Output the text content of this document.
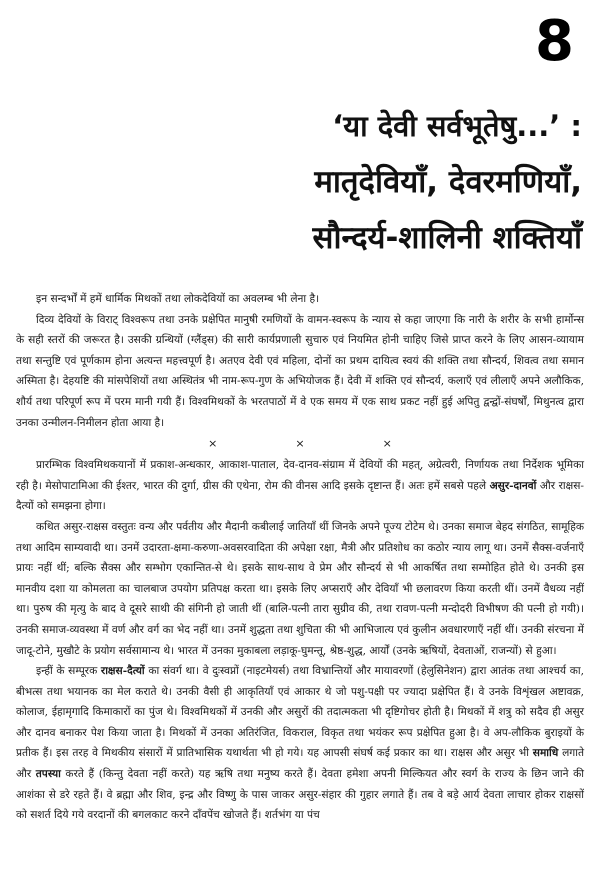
8
‘या देवी सर्वभूतेषु...’ :
मातृदेवियाँ, देवरमणियाँ,
सौन्दर्य-शालिनी शक्तियाँ

इन सन्दर्भों में हमें धार्मिक मिथकों तथा लोकदेवियों का अवलम्ब भी लेना है।

दिव्य देवियों के विराट् विश्वरूप तथा उनके प्रक्षेपित मानुषी रमणियों के वामन-स्वरूप के न्याय से कहा जाएगा कि नारी के शरीर के सभी हार्मोन्स के सही स्तरों की जरूरत है। उसकी ग्रन्थियों (ग्लैंड्स) की सारी कार्यप्रणाली सुचारु एवं नियमित होनी चाहिए जिसे प्राप्त करने के लिए आसन-व्यायाम तथा सन्तुष्टि एवं पूर्णकाम होना अत्यन्त महत्त्वपूर्ण है। अतएव देवी एवं महिला, दोनों का प्रथम दायित्व स्वयं की शक्ति तथा सौन्दर्य, शिवत्व तथा समान अस्मिता है। देहयष्टि की मांसपेशियों तथा अस्थितंत्र भी नाम-रूप-गुण के अभियोजक हैं। देवी में शक्ति एवं सौन्दर्य, कलाएँ एवं लीलाएँ अपने अलौकिक, शौर्य तथा परिपूर्ण रूप में परम मानी गयी हैं। विश्वमिथकों के भरतपाठों में वे एक समय में एक साथ प्रकट नहीं हुई अपितु द्वन्द्वों-संघर्षों, मिथुनत्व द्वारा उनका उन्मीलन-निमीलन होता आया है।

×	×	×

प्रारम्भिक विश्वमिथकयानों में प्रकाश-अन्धकार, आकाश-पाताल, देव-दानव-संग्राम में देवियों की महत्, अग्रेत्वरी, निर्णायक तथा निर्देशक भूमिका रही है। मेसोपाटामिआ की ईश्तर, भारत की दुर्गा, ग्रीस की एथेना, रोम की वीनस आदि इसके दृष्टान्त हैं। अतः हमें सबसे पहले असुर-दानवों और राक्षस-दैत्यों को समझना होगा।

कथित असुर-राक्षस वस्तुतः वन्य और पर्वतीय और मैदानी कबीलाई जातियाँ थीं जिनके अपने पूज्य टोटेम थे। उनका समाज बेहद संगठित, सामूहिक तथा आदिम साम्यवादी था। उनमें उदारता-क्षमा-करुणा-अवसरवादिता की अपेक्षा रक्षा, मैत्री और प्रतिशोध का कठोर न्याय लागू था। उनमें सैक्स-वर्जनाएँ प्रायः नहीं थीं; बल्कि सैक्स और सम्भोग एकान्तित-से थे। इसके साथ-साथ वे प्रेम और सौन्दर्य से भी आकर्षित तथा सम्मोहित होते थे। उनकी इस मानवीय दशा या कोमलता का चालबाज उपयोग प्रतिपक्ष करता था। इसके लिए अप्सराएँ और देवियाँ भी छलावरण किया करती थीं। उनमें वैधव्य नहीं था। पुरुष की मृत्यु के बाद वे दूसरे साथी की संगिनी हो जाती थीं (बालि-पत्नी तारा सुग्रीव की, तथा रावण-पत्नी मन्दोदरी विभीषण की पत्नी हो गयी)। उनकी समाज-व्यवस्था में वर्ण और वर्ग का भेद नहीं था। उनमें शुद्धता तथा शुचिता की भी आभिजात्य एवं कुलीन अवधारणाएँ नहीं थीं। उनकी संरचना में जादू-टोने, मुखौटे के प्रयोग सर्वसामान्य थे। भारत में उनका मुकाबला लड़ाकू-घुमन्तू, श्रेष्ठ-शुद्ध, आर्यों (उनके ऋषियों, देवताओं, राजन्यों) से हुआ।

इन्हीं के सम्पूरक राक्षस-दैत्यों का संवर्ग था। वे दुःस्वप्नों (नाइटमेयर्स) तथा विभ्रान्तियों और मायावरणों (हेलुसिनेशन) द्वारा आतंक तथा आश्चर्य का, बीभत्स तथा भयानक का मेल कराते थे। उनकी वैसी ही आकृतियाँ एवं आकार थे जो पशु-पक्षी पर ज्यादा प्रक्षेपित हैं। वे उनके विशृंखल अष्टावक्र, कोलाज, ईहामृगादि किमाकारों का पुंज थे। विश्वमिथकों में उनकी और असुरों की तदात्मकता भी दृष्टिगोचर होती है। मिथकों में शत्रु को सदैव ही असुर और दानव बनाकर पेश किया जाता है। मिथकों में उनका अतिरंजित, विकराल, विकृत तथा भयंकर रूप प्रक्षेपित हुआ है। वे अप-लौकिक बुराइयों के प्रतीक हैं। इस तरह वे मिथकीय संसारों में प्रातिभासिक यथार्थता भी हो गये। यह आपसी संघर्ष कई प्रकार का था। राक्षस और असुर भी समाधि लगाते और तपस्या करते हैं (किन्तु देवता नहीं करते) यह ऋषि तथा मनुष्य करते हैं। देवता हमेशा अपनी मिल्कियत और स्वर्ग के राज्य के छिन जाने की आशंका से डरे रहते हैं। वे ब्रह्मा और शिव, इन्द्र और विष्णु के पास जाकर असुर-संहार की गुहार लगाते हैं। तब वे बड़े आर्य देवता लाचार होकर राक्षसों को सशर्त दिये गये वरदानों की बगलकाट करने दाँवपेंच खोजते हैं। शर्तभंग या पंच
